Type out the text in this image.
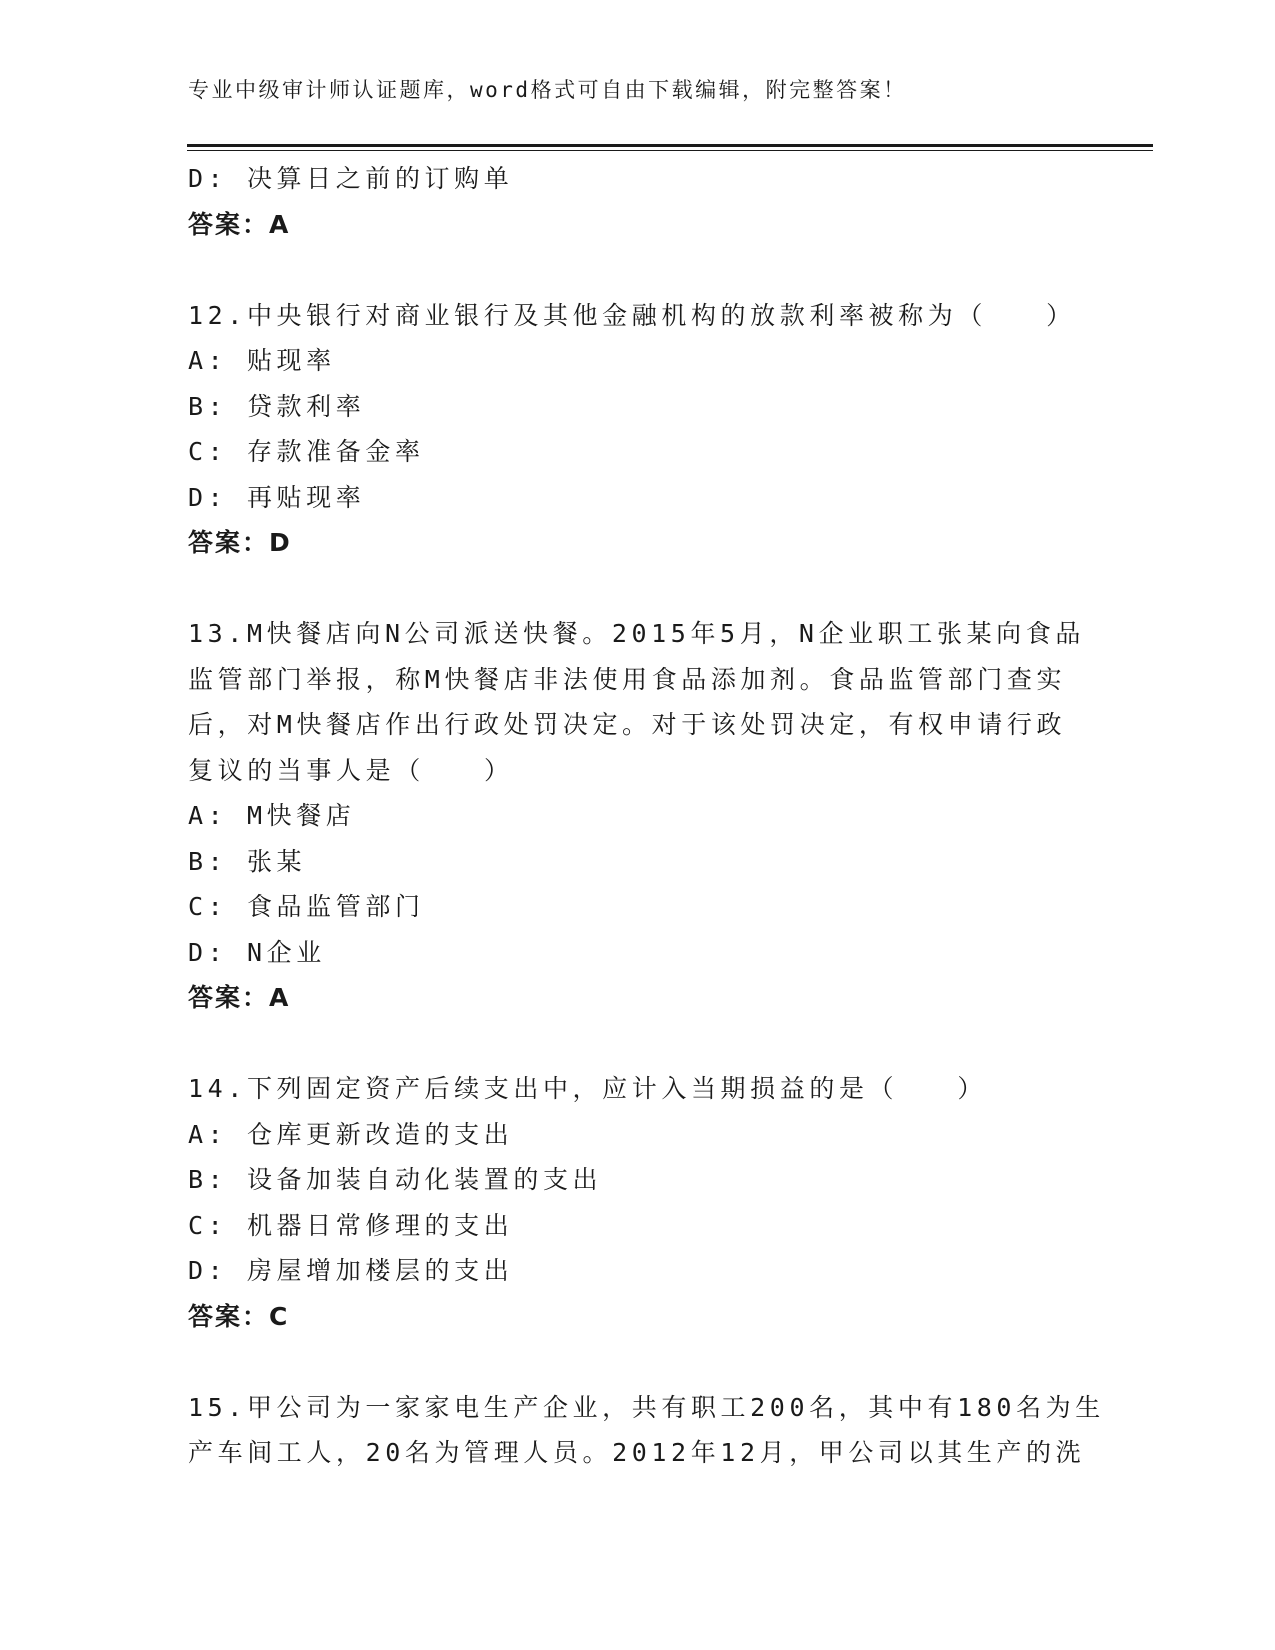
专业中级审计师认证题库，word格式可自由下载编辑，附完整答案！
D: 决算日之前的订购单
答案：A
12.中央银行对商业银行及其他金融机构的放款利率被称为（　　）
A: 贴现率
B: 贷款利率
C: 存款准备金率
D: 再贴现率
答案：D
13.M快餐店向N公司派送快餐。2015年5月，N企业职工张某向食品
监管部门举报，称M快餐店非法使用食品添加剂。食品监管部门查实
后，对M快餐店作出行政处罚决定。对于该处罚决定，有权申请行政
复议的当事人是（　　）
A: M快餐店
B: 张某
C: 食品监管部门
D: N企业
答案：A
14.下列固定资产后续支出中，应计入当期损益的是（　　）
A: 仓库更新改造的支出
B: 设备加装自动化装置的支出
C: 机器日常修理的支出
D: 房屋增加楼层的支出
答案：C
15.甲公司为一家家电生产企业，共有职工200名，其中有180名为生
产车间工人，20名为管理人员。2012年12月，甲公司以其生产的洗
